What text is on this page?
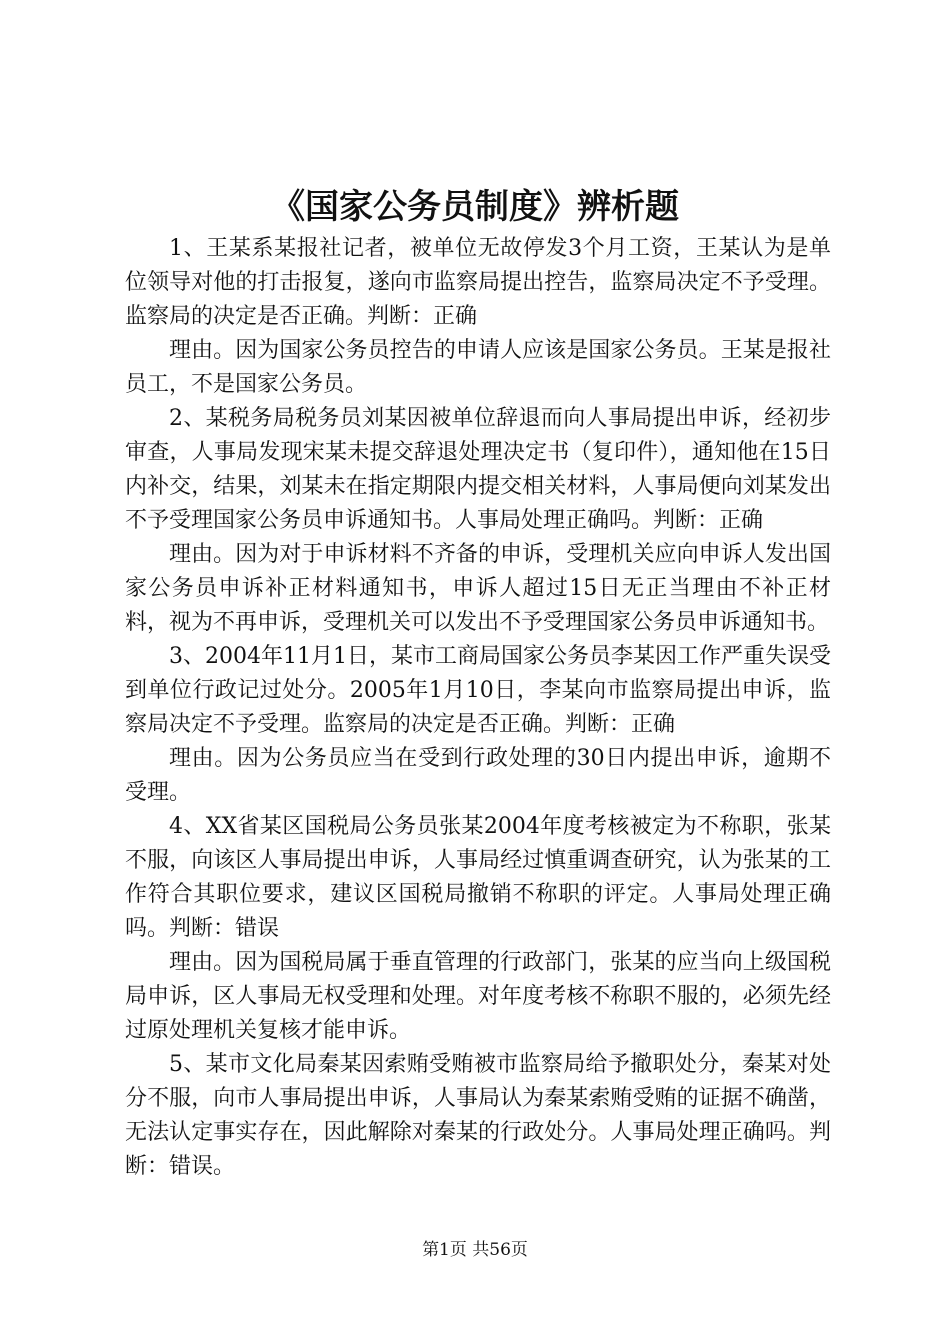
《国家公务员制度》辨析题

1、王某系某报社记者，被单位无故停发3个月工资，王某认为是单位领导对他的打击报复，遂向市监察局提出控告，监察局决定不予受理。监察局的决定是否正确。判断：正确

理由。因为国家公务员控告的申请人应该是国家公务员。王某是报社员工，不是国家公务员。

2、某税务局税务员刘某因被单位辞退而向人事局提出申诉，经初步审查，人事局发现宋某未提交辞退处理决定书（复印件），通知他在15日内补交，结果，刘某未在指定期限内提交相关材料，人事局便向刘某发出不予受理国家公务员申诉通知书。人事局处理正确吗。判断：正确

理由。因为对于申诉材料不齐备的申诉，受理机关应向申诉人发出国家公务员申诉补正材料通知书，申诉人超过15日无正当理由不补正材料，视为不再申诉，受理机关可以发出不予受理国家公务员申诉通知书。

3、2004年11月1日，某市工商局国家公务员李某因工作严重失误受到单位行政记过处分。2005年1月10日，李某向市监察局提出申诉，监察局决定不予受理。监察局的决定是否正确。判断：正确

理由。因为公务员应当在受到行政处理的30日内提出申诉，逾期不受理。

4、XX省某区国税局公务员张某2004年度考核被定为不称职，张某不服，向该区人事局提出申诉，人事局经过慎重调查研究，认为张某的工作符合其职位要求，建议区国税局撤销不称职的评定。人事局处理正确吗。判断：错误

理由。因为国税局属于垂直管理的行政部门，张某的应当向上级国税局申诉，区人事局无权受理和处理。对年度考核不称职不服的，必须先经过原处理机关复核才能申诉。

5、某市文化局秦某因索贿受贿被市监察局给予撤职处分，秦某对处分不服，向市人事局提出申诉，人事局认为秦某索贿受贿的证据不确凿，无法认定事实存在，因此解除对秦某的行政处分。人事局处理正确吗。判断：错误。

第1页 共56页
